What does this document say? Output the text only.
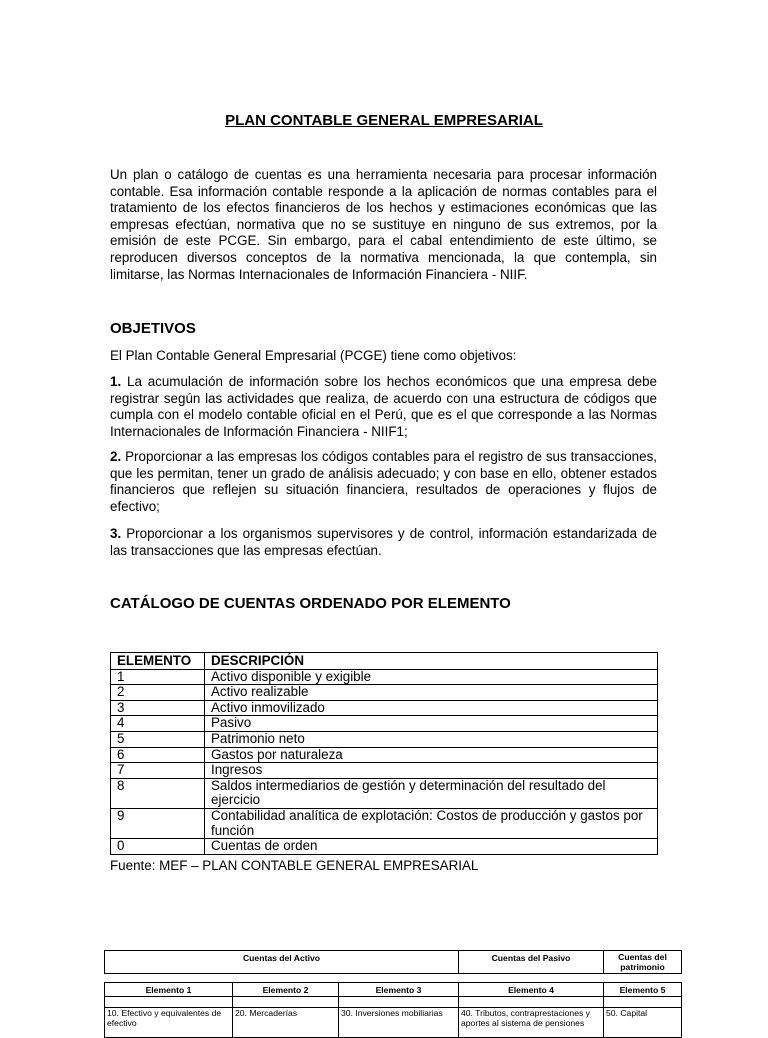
PLAN CONTABLE GENERAL EMPRESARIAL
Un plan o catálogo de cuentas es una herramienta necesaria para procesar información contable. Esa información contable responde a la aplicación de normas contables para el tratamiento de los efectos financieros de los hechos y estimaciones económicas que las empresas efectúan, normativa que no se sustituye en ninguno de sus extremos, por la emisión de este PCGE. Sin embargo, para el cabal entendimiento de este último, se reproducen diversos conceptos de la normativa mencionada, la que contempla, sin limitarse, las Normas Internacionales de Información Financiera - NIIF.
OBJETIVOS
El Plan Contable General Empresarial (PCGE) tiene como objetivos:
1. La acumulación de información sobre los hechos económicos que una empresa debe registrar según las actividades que realiza, de acuerdo con una estructura de códigos que cumpla con el modelo contable oficial en el Perú, que es el que corresponde a las Normas Internacionales de Información Financiera - NIIF1;
2. Proporcionar a las empresas los códigos contables para el registro de sus transacciones, que les permitan, tener un grado de análisis adecuado; y con base en ello, obtener estados financieros que reflejen su situación financiera, resultados de operaciones y flujos de efectivo;
3. Proporcionar a los organismos supervisores y de control, información estandarizada de las transacciones que las empresas efectúan.
CATÁLOGO DE CUENTAS ORDENADO POR ELEMENTO
ELEMENTO	DESCRIPCIÓN
1	Activo disponible y exigible
2	Activo realizable
3	Activo inmovilizado
4	Pasivo
5	Patrimonio neto
6	Gastos por naturaleza
7	Ingresos
8	Saldos intermediarios de gestión y determinación del resultado del ejercicio
9	Contabilidad analítica de explotación: Costos de producción y gastos por función
0	Cuentas de orden
Fuente: MEF – PLAN CONTABLE GENERAL EMPRESARIAL
Cuentas del Activo	Cuentas del Pasivo	Cuentas del patrimonio
Elemento 1	Elemento 2	Elemento 3	Elemento 4	Elemento 5

10. Efectivo y equivalentes de efectivo	20. Mercaderías	30. Inversiones mobiliarias	40. Tributos, contraprestaciones y aportes al sistema de pensiones	50. Capital
